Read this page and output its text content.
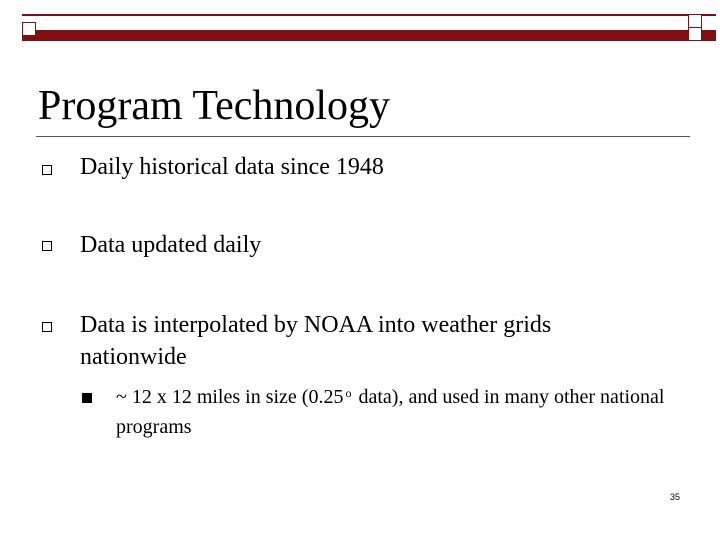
Program Technology
Daily historical data since 1948
Data updated daily
Data is interpolated by NOAA into weather grids nationwide
~ 12 x 12 miles in size (0.25 $^o$ data), and used in many other national programs
35
